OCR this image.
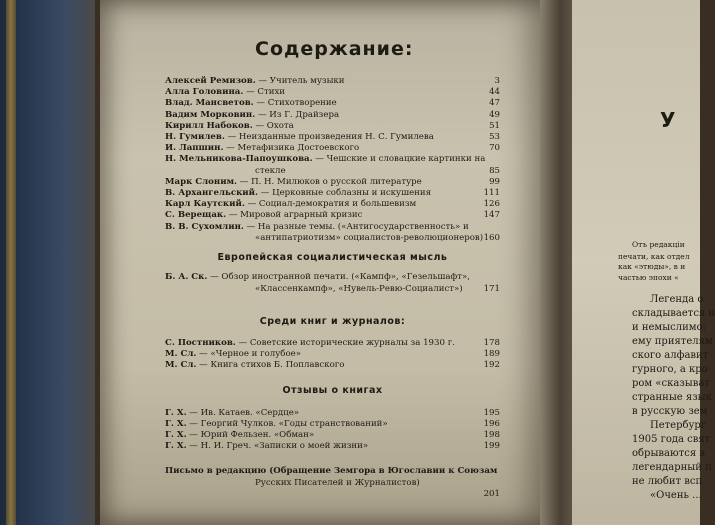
У
Отъ редакціи
печати, как отдел
как «этюды», в и
частью эпохи «
Легенда о
складывается н
и немыслимо:
ему приятелям
ского алфавит
гурного, а кро
ром «сказыват
странные язык
в русскую зем
Петербург
1905 года свят
обрываются в
легендарный п
не любит всп
«Очень ...
Содержание:
Алексей Ремизов. — Учитель музыки	3
Алла Головина. — Стихи	44
Влад. Мансветов. — Стихотворение	47
Вадим Морковин. — Из Г. Драйзера	49
Кирилл Набоков. — Охота	51
Н. Гумилев. — Неизданные произведения Н. С. Гумилева	53
И. Лапшин. — Метафизика Достоевского	70
Н. Мельникова-Папоушкова. — Чешские и словацкие картинки на
стекле	85
Марк Слоним. — П. Н. Милюков о русской литературе	99
В. Архангельский. — Церковные соблазны и искушения	111
Карл Каутский. — Социал-демократия и большевизм	126
С. Верещак. — Мировой аграрный кризис	147
В. В. Сухомлин. — На разные темы. («Антигосударственность» и
«антипатриотизм» социалистов-революционеров) 160
Европейская социалистическая мысль
Б. А. Ск. — Обзор иностранной печати. («Кампф», «Гезельшафт»,
«Классенкампф», «Нувель-Ревю-Социалист») 171
Среди книг и журналов:
С. Постников. — Советские исторические журналы за 1930 г.	178
М. Сл. — «Черное и голубое»	189
М. Сл. — Книга стихов Б. Поплавского	192
Отзывы о книгах
Г. Х. — Ив. Катаев. «Сердце»	195
Г. Х. — Георгий Чулков. «Годы странствований»	196
Г. Х. — Юрий Фельзен. «Обман»	198
Г. Х. — Н. И. Греч. «Записки о моей жизни»	199
Письмо в редакцию (Обращение Земгора в Югославии к Союзам
Русских Писателей и Журналистов)
201
